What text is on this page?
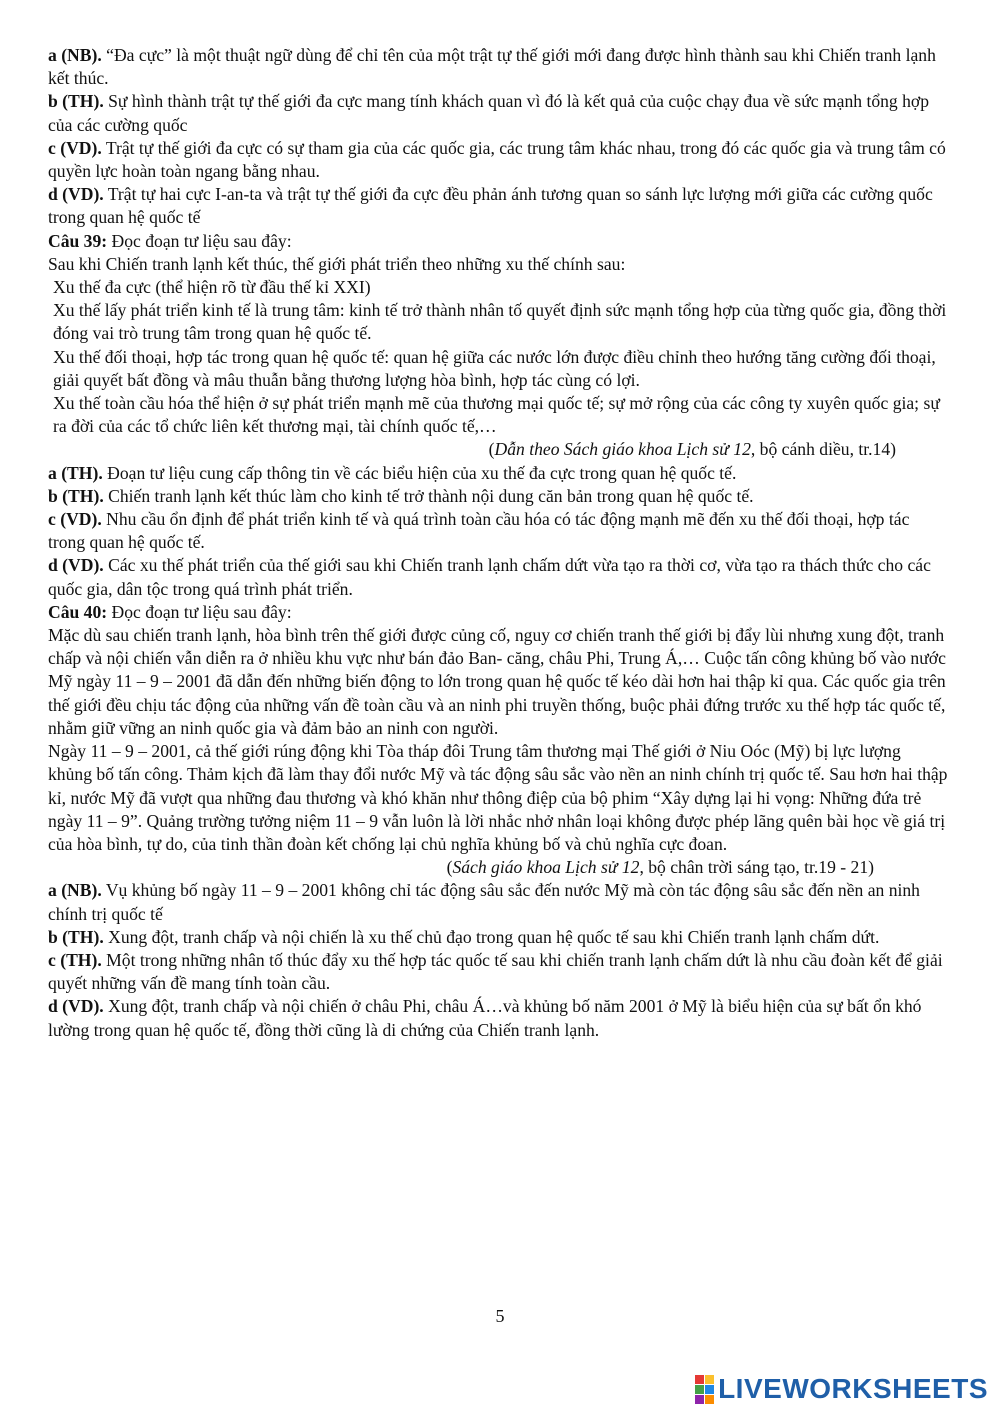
a (NB). “Đa cực” là một thuật ngữ dùng để chỉ tên của một trật tự thế giới mới đang được hình thành sau khi Chiến tranh lạnh kết thúc.

b (TH). Sự hình thành trật tự thế giới đa cực mang tính khách quan vì đó là kết quả của cuộc chạy đua về sức mạnh tổng hợp của các cường quốc

c (VD). Trật tự thế giới đa cực có sự tham gia của các quốc gia, các trung tâm khác nhau, trong đó các quốc gia và trung tâm có quyền lực hoàn toàn ngang bằng nhau.

d (VD). Trật tự hai cực I-an-ta và trật tự thế giới đa cực đều phản ánh tương quan so sánh lực lượng mới giữa các cường quốc trong quan hệ quốc tế

Câu 39: Đọc đoạn tư liệu sau đây:

Sau khi Chiến tranh lạnh kết thúc, thế giới phát triển theo những xu thế chính sau:

Xu thế đa cực (thể hiện rõ từ đầu thế kỉ XXI)

Xu thế lấy phát triển kinh tế là trung tâm: kinh tế trở thành nhân tố quyết định sức mạnh tổng hợp của từng quốc gia, đồng thời đóng vai trò trung tâm trong quan hệ quốc tế.

Xu thế đối thoại, hợp tác trong quan hệ quốc tế: quan hệ giữa các nước lớn được điều chỉnh theo hướng tăng cường đối thoại, giải quyết bất đồng và mâu thuẫn bằng thương lượng hòa bình, hợp tác cùng có lợi.

Xu thế toàn cầu hóa thể hiện ở sự phát triển mạnh mẽ của thương mại quốc tế; sự mở rộng của các công ty xuyên quốc gia; sự ra đời của các tổ chức liên kết thương mại, tài chính quốc tế,…

(Dẫn theo Sách giáo khoa Lịch sử 12, bộ cánh diều, tr.14)

a (TH). Đoạn tư liệu cung cấp thông tin về các biểu hiện của xu thế đa cực trong quan hệ quốc tế.

b (TH). Chiến tranh lạnh kết thúc làm cho kinh tế trở thành nội dung căn bản trong quan hệ quốc tế.

c (VD). Nhu cầu ổn định để phát triển kinh tế và quá trình toàn cầu hóa có tác động mạnh mẽ đến xu thế đối thoại, hợp tác trong quan hệ quốc tế.

d (VD). Các xu thế phát triển của thế giới sau khi Chiến tranh lạnh chấm dứt vừa tạo ra thời cơ, vừa tạo ra thách thức cho các quốc gia, dân tộc trong quá trình phát triển.

Câu 40: Đọc đoạn tư liệu sau đây:

Mặc dù sau chiến tranh lạnh, hòa bình trên thế giới được củng cố, nguy cơ chiến tranh thế giới bị đẩy lùi nhưng xung đột, tranh chấp và nội chiến vẫn diễn ra ở nhiều khu vực như bán đảo Ban- căng, châu Phi, Trung Á,… Cuộc tấn công khủng bố vào nước Mỹ ngày 11 – 9 – 2001 đã dẫn đến những biến động to lớn trong quan hệ quốc tế kéo dài hơn hai thập kỉ qua. Các quốc gia trên thế giới đều chịu tác động của những vấn đề toàn cầu và an ninh phi truyền thống, buộc phải đứng trước xu thế hợp tác quốc tế, nhằm giữ vững an ninh quốc gia và đảm bảo an ninh con người.

Ngày 11 – 9 – 2001, cả thế giới rúng động khi Tòa tháp đôi Trung tâm thương mại Thế giới ở Niu Oóc (Mỹ) bị lực lượng khủng bố tấn công. Thảm kịch đã làm thay đổi nước Mỹ và tác động sâu sắc vào nền an ninh chính trị quốc tế. Sau hơn hai thập kỉ, nước Mỹ đã vượt qua những đau thương và khó khăn như thông điệp của bộ phim “Xây dựng lại hi vọng: Những đứa trẻ ngày 11 – 9”. Quảng trường tưởng niệm 11 – 9 vẫn luôn là lời nhắc nhở nhân loại không được phép lãng quên bài học về giá trị của hòa bình, tự do, của tinh thần đoàn kết chống lại chủ nghĩa khủng bố và chủ nghĩa cực đoan.

(Sách giáo khoa Lịch sử 12, bộ chân trời sáng tạo, tr.19 - 21)

a (NB). Vụ khủng bố ngày 11 – 9 – 2001 không chỉ tác động sâu sắc đến nước Mỹ mà còn tác động sâu sắc đến nền an ninh chính trị quốc tế

b (TH). Xung đột, tranh chấp và nội chiến là xu thế chủ đạo trong quan hệ quốc tế sau khi Chiến tranh lạnh chấm dứt.

c (TH). Một trong những nhân tố thúc đẩy xu thế hợp tác quốc tế sau khi chiến tranh lạnh chấm dứt là nhu cầu đoàn kết để giải quyết những vấn đề mang tính toàn cầu.

d (VD). Xung đột, tranh chấp và nội chiến ở châu Phi, châu Á…và khủng bố năm 2001 ở Mỹ là biểu hiện của sự bất ổn khó lường trong quan hệ quốc tế, đồng thời cũng là di chứng của Chiến tranh lạnh.

5
LIVEWORKSHEETS
